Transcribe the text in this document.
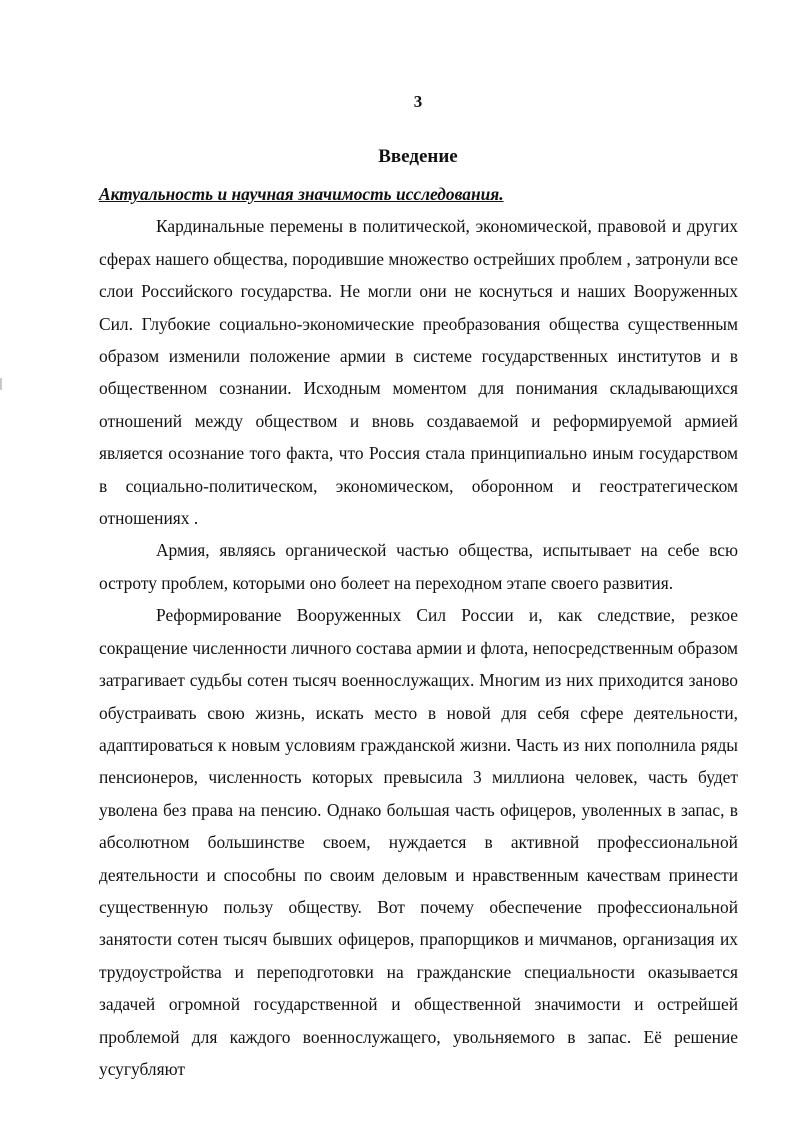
3
Введение

Актуальность и научная значимость исследования.

Кардинальные перемены в политической, экономической, правовой и других сферах нашего общества, породившие множество острейших проблем , затронули все слои Российского государства. Не могли они не коснуться и наших Вооруженных Сил. Глубокие социально-экономические преобразования общества существенным образом изменили положение армии в системе государственных институтов и в общественном сознании. Исходным моментом для понимания складывающихся отношений между обществом и вновь создаваемой и реформируемой армией является осознание того факта, что Россия стала принципиально иным государством в социально-политическом, экономическом, оборонном и геостратегическом отношениях .

Армия, являясь органической частью общества, испытывает на себе всю остроту проблем, которыми оно болеет на переходном этапе своего развития.

Реформирование Вооруженных Сил России и, как следствие, резкое сокращение численности личного состава армии и флота, непосредственным образом затрагивает судьбы сотен тысяч военнослужащих. Многим из них приходится заново обустраивать свою жизнь, искать место в новой для себя сфере деятельности, адаптироваться к новым условиям гражданской жизни. Часть из них пополнила ряды пенсионеров, численность которых превысила 3 миллиона человек, часть будет уволена без права на пенсию. Однако большая часть офицеров, уволенных в запас, в абсолютном большинстве своем, нуждается в активной профессиональной деятельности и способны по своим деловым и нравственным качествам принести существенную пользу обществу. Вот почему обеспечение профессиональной занятости сотен тысяч бывших офицеров, прапорщиков и мичманов, организация их трудоустройства и переподготовки на гражданские специальности оказывается задачей огромной государственной и общественной значимости и острейшей проблемой для каждого военнослужащего, увольняемого в запас. Её решение усугубляют
